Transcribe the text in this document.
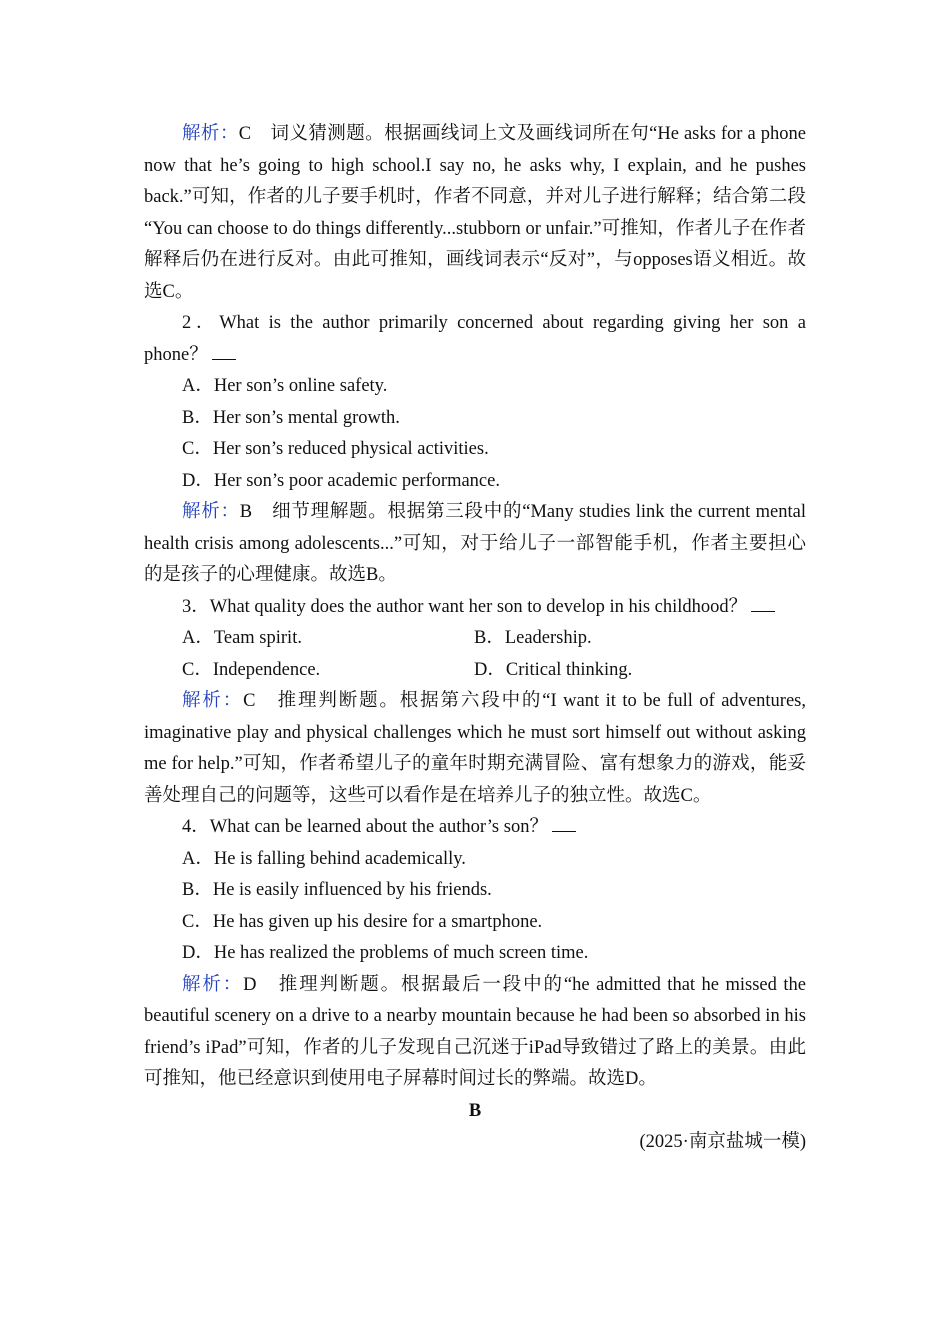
解析：C　词义猜测题。根据画线词上文及画线词所在句“He asks for a phone now that he’s going to high school.I say no, he asks why, I explain, and he pushes back.”可知，作者的儿子要手机时，作者不同意，并对儿子进行解释；结合第二段 “You can choose to do things differently...stubborn or unfair.”可推知，作者儿子在作者解释后仍在进行反对。由此可推知，画线词表示“反对”，与opposes语义相近。故选C。

2．What is the author primarily concerned about regarding giving her son a phone？

A．Her son’s online safety.

B．Her son’s mental growth.

C．Her son’s reduced physical activities.

D．Her son’s poor academic performance.

解析：B　细节理解题。根据第三段中的“Many studies link the current mental health crisis among adolescents...”可知，对于给儿子一部智能手机，作者主要担心的是孩子的心理健康。故选B。

3．What quality does the author want her son to develop in his childhood？

A．Team spirit.	B．Leadership.

C．Independence.	D．Critical thinking.

解析：C　推理判断题。根据第六段中的“I want it to be full of adventures, imaginative play and physical challenges which he must sort himself out without asking me for help.”可知，作者希望儿子的童年时期充满冒险、富有想象力的游戏，能妥善处理自己的问题等，这些可以看作是在培养儿子的独立性。故选C。

4．What can be learned about the author’s son？

A．He is falling behind academically.

B．He is easily influenced by his friends.

C．He has given up his desire for a smartphone.

D．He has realized the problems of much screen time.

解析：D　推理判断题。根据最后一段中的“he admitted that he missed the beautiful scenery on a drive to a nearby mountain because he had been so absorbed in his friend’s iPad”可知，作者的儿子发现自己沉迷于iPad导致错过了路上的美景。由此可推知，他已经意识到使用电子屏幕时间过长的弊端。故选D。

B

(2025·南京盐城一模)
